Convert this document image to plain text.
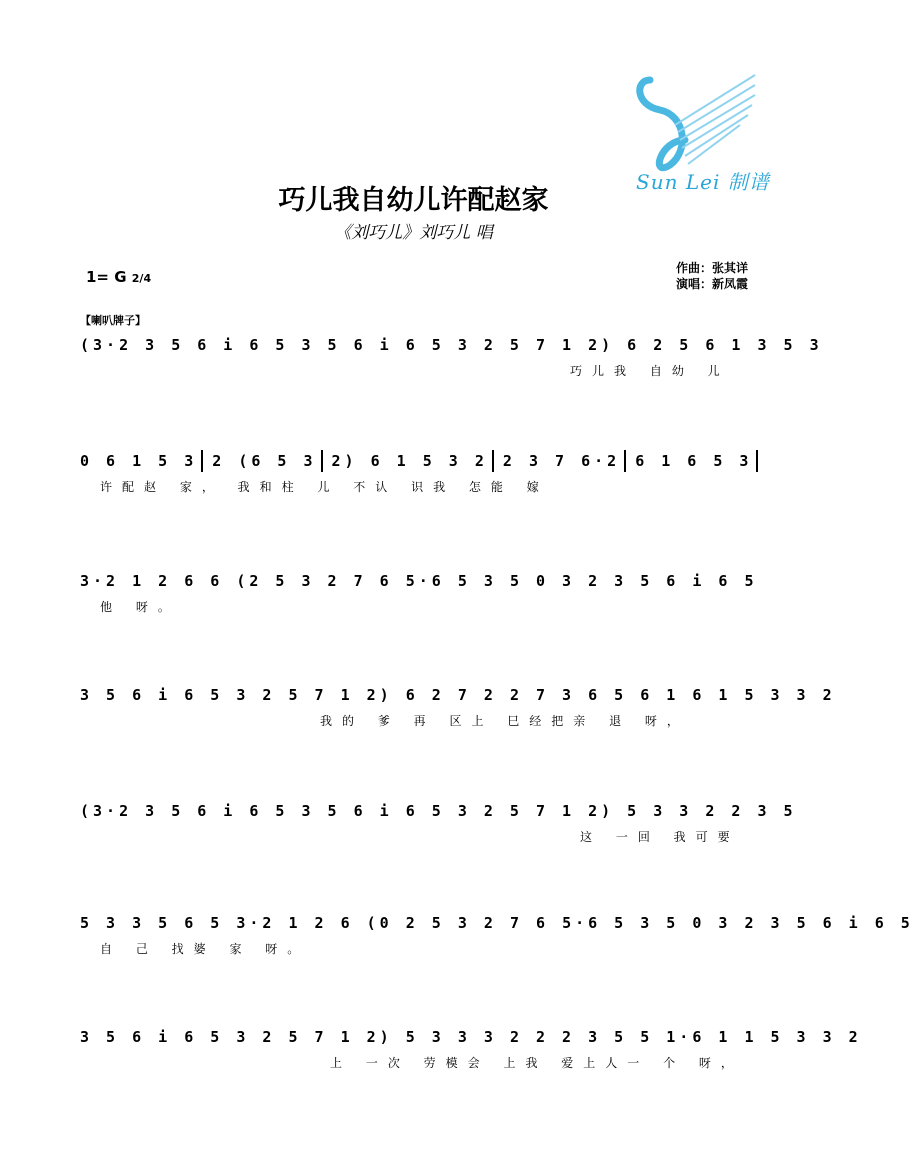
Sun Lei 制谱
巧儿我自幼儿许配赵家
《刘巧儿》刘巧儿 唱
1= G 2/4
作曲：张其详
演唱：新凤霞
【喇叭牌子】
(3·2 3 5 6 i 6 5 3 5 6 i 6 5 3 2 5 7 1 2) 6 2 5 6 1 3 5 3
巧儿我 自幼 儿
0 6 1 5 3 2 (6 5 3 2) 6 1 5 3 2 2 3 7 6·2 6 1 6 5 3
许配赵 家， 我和柱 儿 不认 识我 怎能 嫁
3·2 1 2 6 6 (2 5 3 2 7 6 5·6 5 3 5 0 3 2 3 5 6 i 6 5
他 呀。
3 5 6 i 6 5 3 2 5 7 1 2) 6 2 7 2 2 7 3 6 5 6 1 6 1 5 3 3 2
我的 爹 再 区上 巳经把亲 退 呀，
(3·2 3 5 6 i 6 5 3 5 6 i 6 5 3 2 5 7 1 2) 5 3 3 2 2 3 5
这 一回 我可要
5 3 3 5 6 5 3·2 1 2 6 (0 2 5 3 2 7 6 5·6 5 3 5 0 3 2 3 5 6 i 6 5
自 己 找婆 家 呀。
3 5 6 i 6 5 3 2 5 7 1 2) 5 3 3 3 2 2 2 3 5 5 1·6 1 1 5 3 3 2
上 一次 劳模会 上我 爱上人一 个 呀，
